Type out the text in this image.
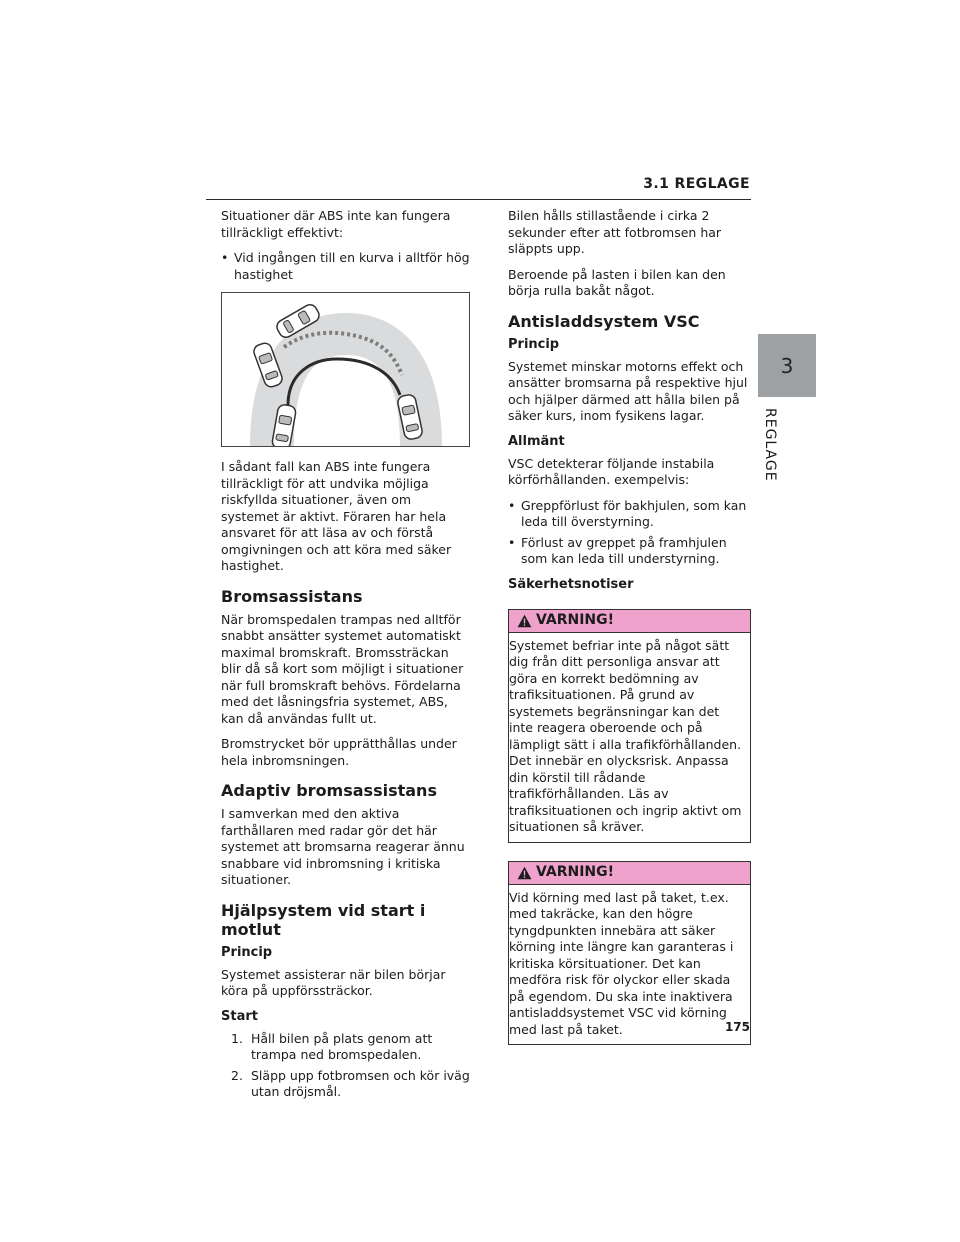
3.1 REGLAGE
3
REGLAGE

Situationer där ABS inte kan fungera tillräckligt effektivt:

• Vid ingången till en kurva i alltför hög hastighet

I sådant fall kan ABS inte fungera tillräckligt för att undvika möjliga riskfyllda situationer, även om systemet är aktivt. Föraren har hela ansvaret för att läsa av och förstå omgivningen och att köra med säker hastighet.

Bromsassistans

När bromspedalen trampas ned alltför snabbt ansätter systemet automatiskt maximal bromskraft. Bromssträckan blir då så kort som möjligt i situationer när full bromskraft behövs. Fördelarna med det låsningsfria systemet, ABS, kan då användas fullt ut.

Bromstrycket bör upprätthållas under hela inbromsningen.

Adaptiv bromsassistans

I samverkan med den aktiva farthållaren med radar gör det här systemet att bromsarna reagerar ännu snabbare vid inbromsning i kritiska situationer.

Hjälpsystem vid start i motlut
Princip

Systemet assisterar när bilen börjar köra på uppförssträckor.

Start
1. Håll bilen på plats genom att trampa ned bromspedalen.
2. Släpp upp fotbromsen och kör iväg utan dröjsmål.

Bilen hålls stillastående i cirka 2 sekunder efter att fotbromsen har släppts upp.

Beroende på lasten i bilen kan den börja rulla bakåt något.

Antisladdsystem VSC
Princip

Systemet minskar motorns effekt och ansätter bromsarna på respektive hjul och hjälper därmed att hålla bilen på säker kurs, inom fysikens lagar.

Allmänt

VSC detekterar följande instabila körförhållanden. exempelvis:

• Greppförlust för bakhjulen, som kan leda till överstyrning.
• Förlust av greppet på framhjulen som kan leda till understyrning.
Säkerhetsnotiser
VARNING!
Systemet befriar inte på något sätt dig från ditt personliga ansvar att göra en korrekt bedömning av trafiksituationen. På grund av systemets begränsningar kan det inte reagera oberoende och på lämpligt sätt i alla trafikförhållanden. Det innebär en olycksrisk. Anpassa din körstil till rådande trafikförhållanden. Läs av trafiksituationen och ingrip aktivt om situationen så kräver.
VARNING!
Vid körning med last på taket, t.ex. med takräcke, kan den högre tyngdpunkten innebära att säker körning inte längre kan garanteras i kritiska körsituationer. Det kan medföra risk för olyckor eller skada på egendom. Du ska inte inaktivera antisladdsystemet VSC vid körning med last på taket.	175
